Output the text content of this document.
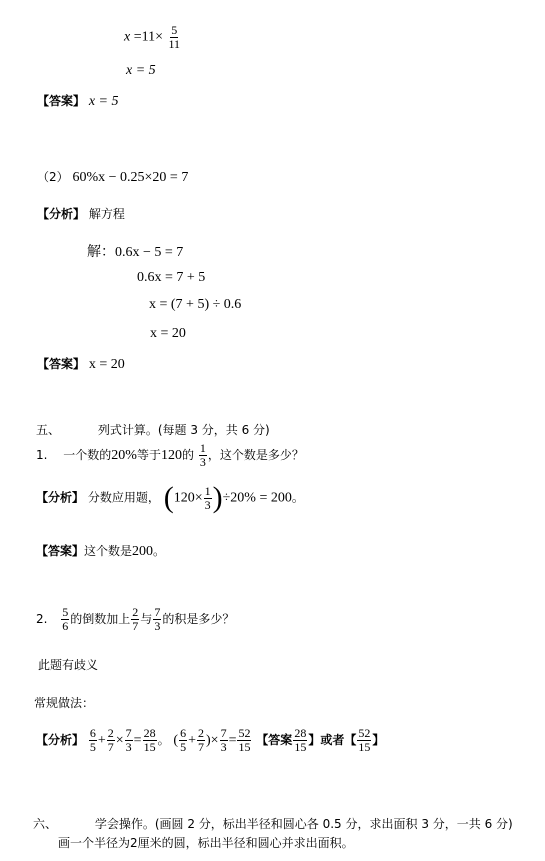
$x =11\times \frac{5}{11}$
x = 5
【答案】 x = 5
（2） 60%x − 0.25×20 = 7
【分析】 解方程
解：0.6x − 5 = 7
0.6x = 7 + 5
x = (7 + 5) ÷ 0.6
x = 20
【答案】 x = 20
五、	列式计算。(每题 3 分，共 6 分)
1. 一个数的20%等于120的 $\frac{1}{3}$ ，这个数是多少？
【分析】 分数应用题， $(120\times \frac{1}{3} )\div 20\% = 200$。
【答案】这个数是200。
2. $\frac{5}{6}$ 的倒数加上 $\frac{2}{7}$ 与 $\frac{7}{3}$ 的积是多少？
此题有歧义
常规做法：
【分析】 $\frac{6}{5} + \frac{2}{7} \times \frac{7}{3} = \frac{28}{15}$ 。 ( $\frac{6}{5} + \frac{2}{7}$ )× $\frac{7}{3} = \frac{52}{15}$ 【答案 $\frac{28}{15}$ 】或者【 $\frac{52}{15}$ 】
六、	学会操作。(画圆 2 分，标出半径和圆心各 0.5 分，求出面积 3 分，一共 6 分)
画一个半径为2厘米的圆，标出半径和圆心并求出面积。
